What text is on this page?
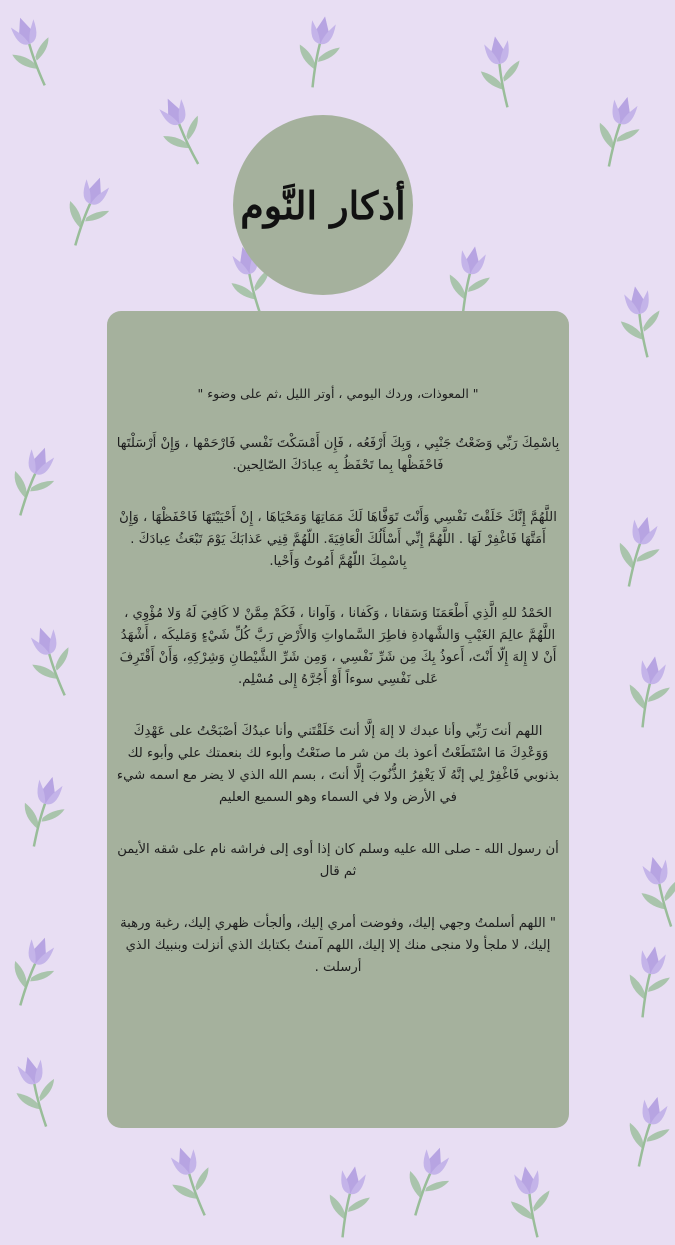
أذكار النَّوم

" المعوذات، وردك اليومي ، أوتر الليل ،ثم على وضوء "

بِاسْمِكَ رَبِّي وَضَعْتُ جَنْبِي ، وَبِكَ أَرْفَعُه ، فَإِن أَمْسَكْتَ نَفْسي فَارْحَمْها ، وَإِنْ أَرْسَلْتَها فَاحْفَظْها بِما تَحْفَظُ بِه عِبادَكَ الصّالِحين.

اللَّهُمَّ إِنَّكَ خَلَقْتَ نَفْسِي وَأَنْتَ تَوَفَّاهَا لَكَ مَمَاتِهَا وَمَحْيَاهَا ، إِنْ أَحْيَيْتَهَا فَاحْفَظْهَا ، وَإِنْ أَمَتَّهَا فَاغْفِرْ لَهَا . اللَّهُمَّ إِنِّي أَسْأَلُكَ الْعَافِيَةَ. اللّهُمَّ قِنِي عَذابَكَ يَوْمَ تَبْعَثُ عِبادَكَ . بِاسْمِكَ اللّهُمَّ أَمُوتُ وَأَحْيا.

الحَمْدُ للهِ الَّذِي أَطْعَمَنَا وَسَقانا ، وَكَفانا ، وَآوانا ، فَكَمْ مِمَّنْ لا كَافِيَ لَهُ وَلا مُؤْوِي ، اللَّهُمَّ عالِمَ الغَيْبِ وَالشَّهادةِ فاطِرَ السَّماواتِ وَالأَرْضِ رَبَّ كُلِّ شَيْءٍ وَمَليكَه ، أَشْهَدُ أَنْ لا إِلهَ إِلّا أَنْتَ، أَعوذُ بِكَ مِن شَرِّ نَفْسِي ، وَمِن شَرِّ الشَّيْطانِ وَشِرْكِهِ، وَأَنْ أَقْتَرِفَ عَلى نَفْسِي سوءاً أَوْ أَجُرَّهُ إِلى مُسْلِم.

اللهم أنتَ رَبِّي وأنا عبدك لا إلهَ إلَّا أنتَ خَلَقْتَني وأنا عبدُكَ أصْبَحْتُ على عَهْدِكَ وَوَعْدِكَ مَا اسْتَطَعْتُ أعوذ بك من شر ما صنَعْتُ وأبوء لك بنعمتك علي وأبوء لك بذنوبي فَاغْفِرْ لِي إنَّهُ لَا يَغْفِرُ الذُّنُوبَ إلَّا أنتَ ، بسم الله الذي لا يضر مع اسمه شيء في الأرض ولا في السماء وهو السميع العليم

أن رسول الله - صلى الله عليه وسلم كان إذا أوى إلى فراشه نام على شقه الأيمن ثم قال

" اللهم أسلمتُ وجهي إليك، وفوضت أمري إليك، وألجأت ظهري إليك، رغبة ورهبة إليك، لا ملجأ ولا منجى منك إلا إليك، اللهم آمنتُ بكتابك الذي أنزلت وبنبيك الذي أرسلت .
